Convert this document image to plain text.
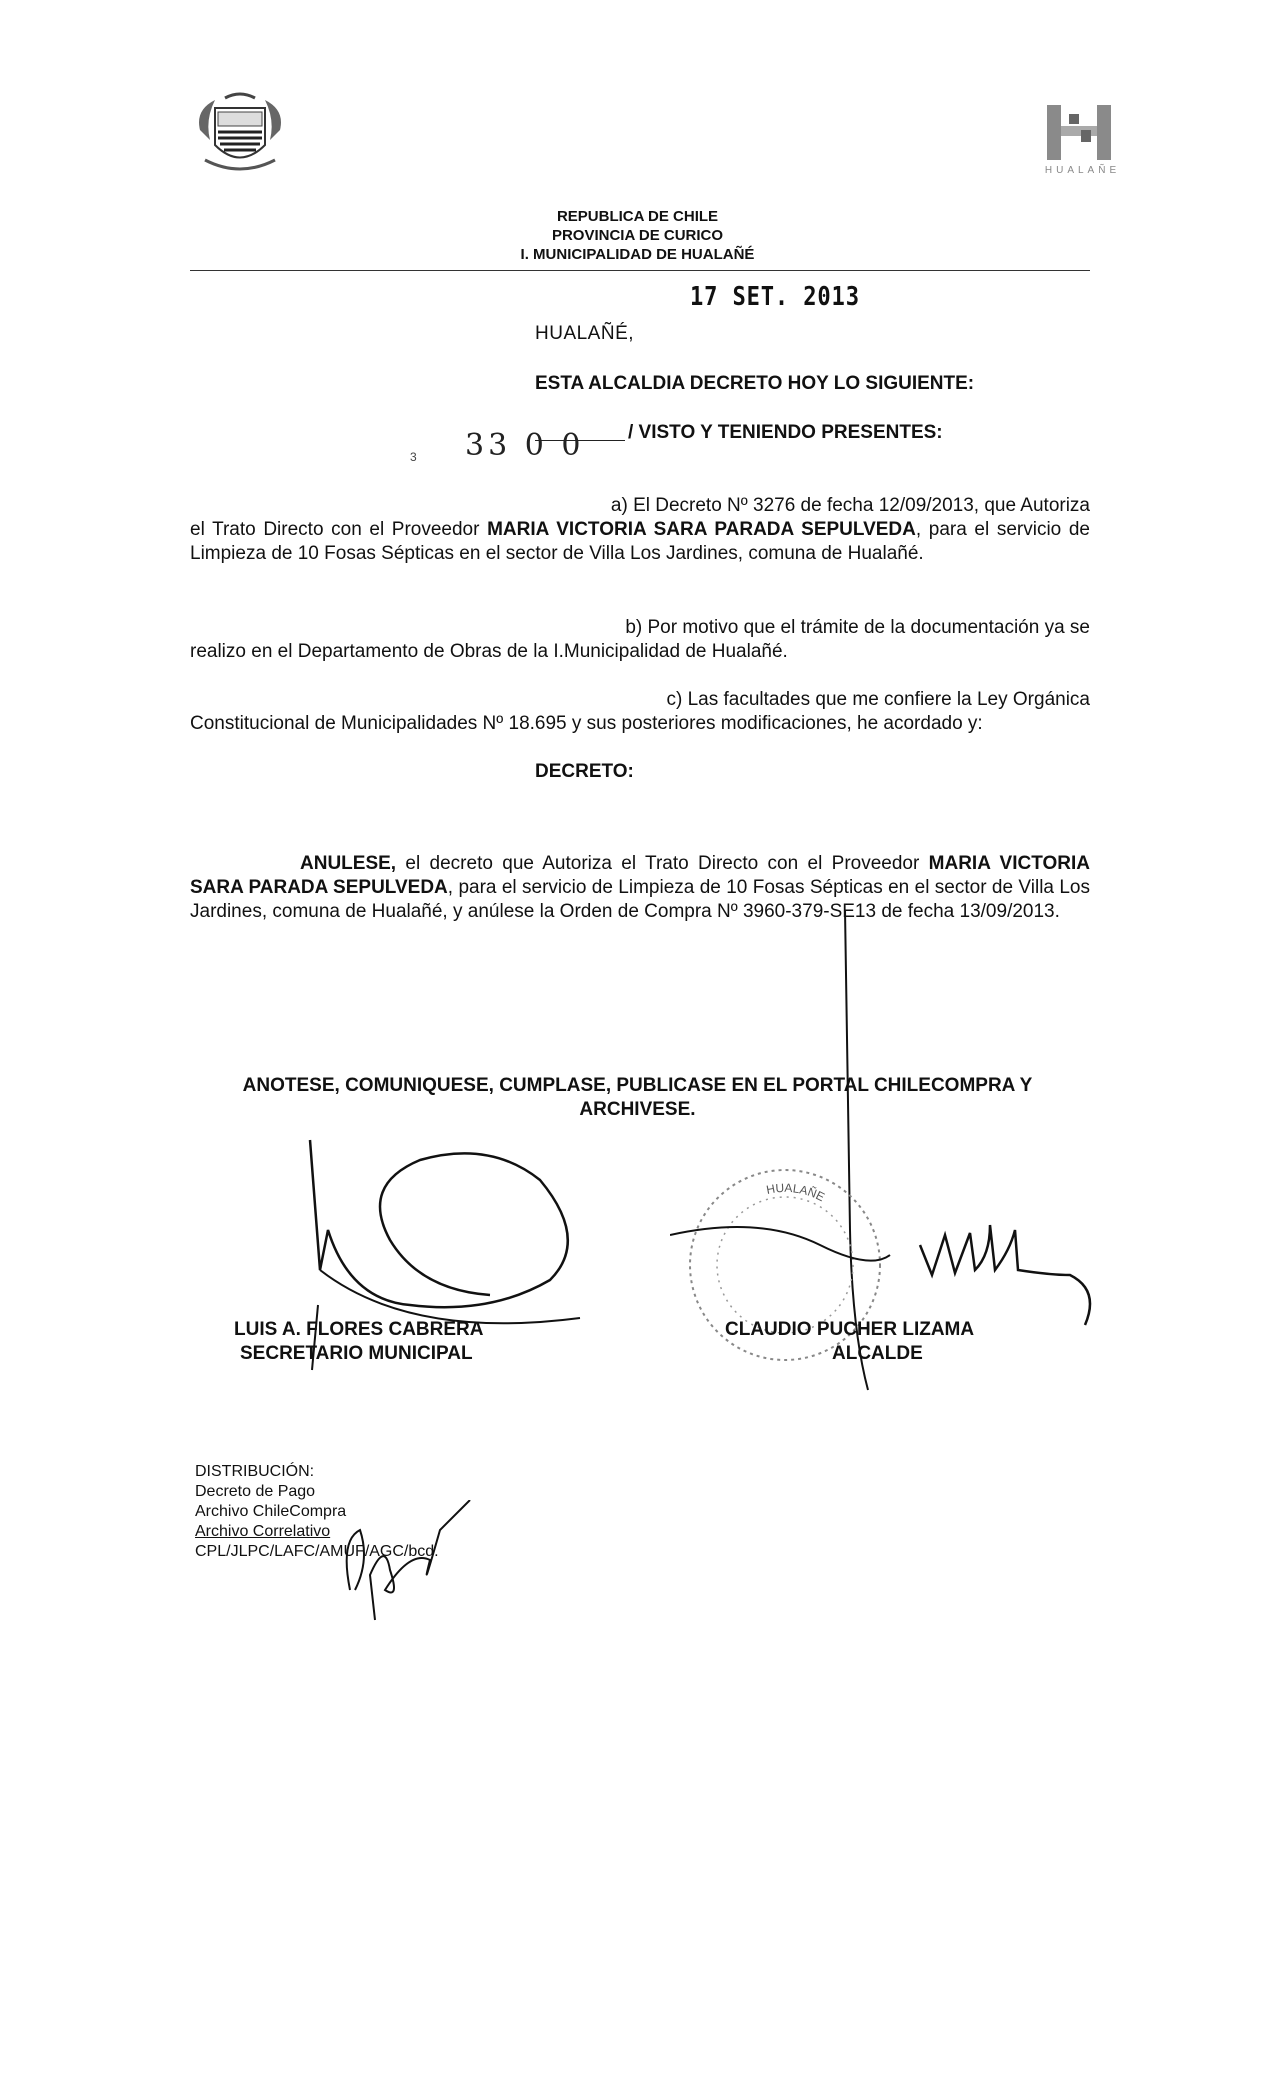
HUALAÑE
REPUBLICA DE CHILE
PROVINCIA DE CURICO
I. MUNICIPALIDAD DE HUALAÑÉ
17 SET. 2013
HUALAÑÉ,
ESTA ALCALDIA DECRETO HOY LO SIGUIENTE:
3 33 0 0 / VISTO Y TENIENDO PRESENTES:
a) El Decreto Nº 3276 de fecha 12/09/2013, que Autoriza
el Trato Directo con el Proveedor MARIA VICTORIA SARA PARADA SEPULVEDA, para el servicio de Limpieza de 10 Fosas Sépticas en el sector de Villa Los Jardines, comuna de Hualañé.
b) Por motivo que el trámite de la documentación ya se
realizo en el Departamento de Obras de la I.Municipalidad de Hualañé.
c) Las facultades que me confiere la Ley Orgánica
Constitucional de Municipalidades Nº 18.695 y sus posteriores modificaciones, he acordado y:
DECRETO:
ANULESE, el decreto que Autoriza el Trato Directo con el Proveedor MARIA VICTORIA SARA PARADA SEPULVEDA, para el servicio de Limpieza de 10 Fosas Sépticas en el sector de Villa Los Jardines, comuna de Hualañé, y anúlese la Orden de Compra Nº 3960-379-SE13 de fecha 13/09/2013.
ANOTESE, COMUNIQUESE, CUMPLASE, PUBLICASE EN EL PORTAL CHILECOMPRA Y
ARCHIVESE.
HUALAÑE
LUIS A. FLORES CABRERA
SECRETARIO MUNICIPAL
CLAUDIO PUCHER LIZAMA
ALCALDE
DISTRIBUCIÓN:
Decreto de Pago
Archivo ChileCompra
Archivo Correlativo
CPL/JLPC/LAFC/AMUF/AGC/bcd.
